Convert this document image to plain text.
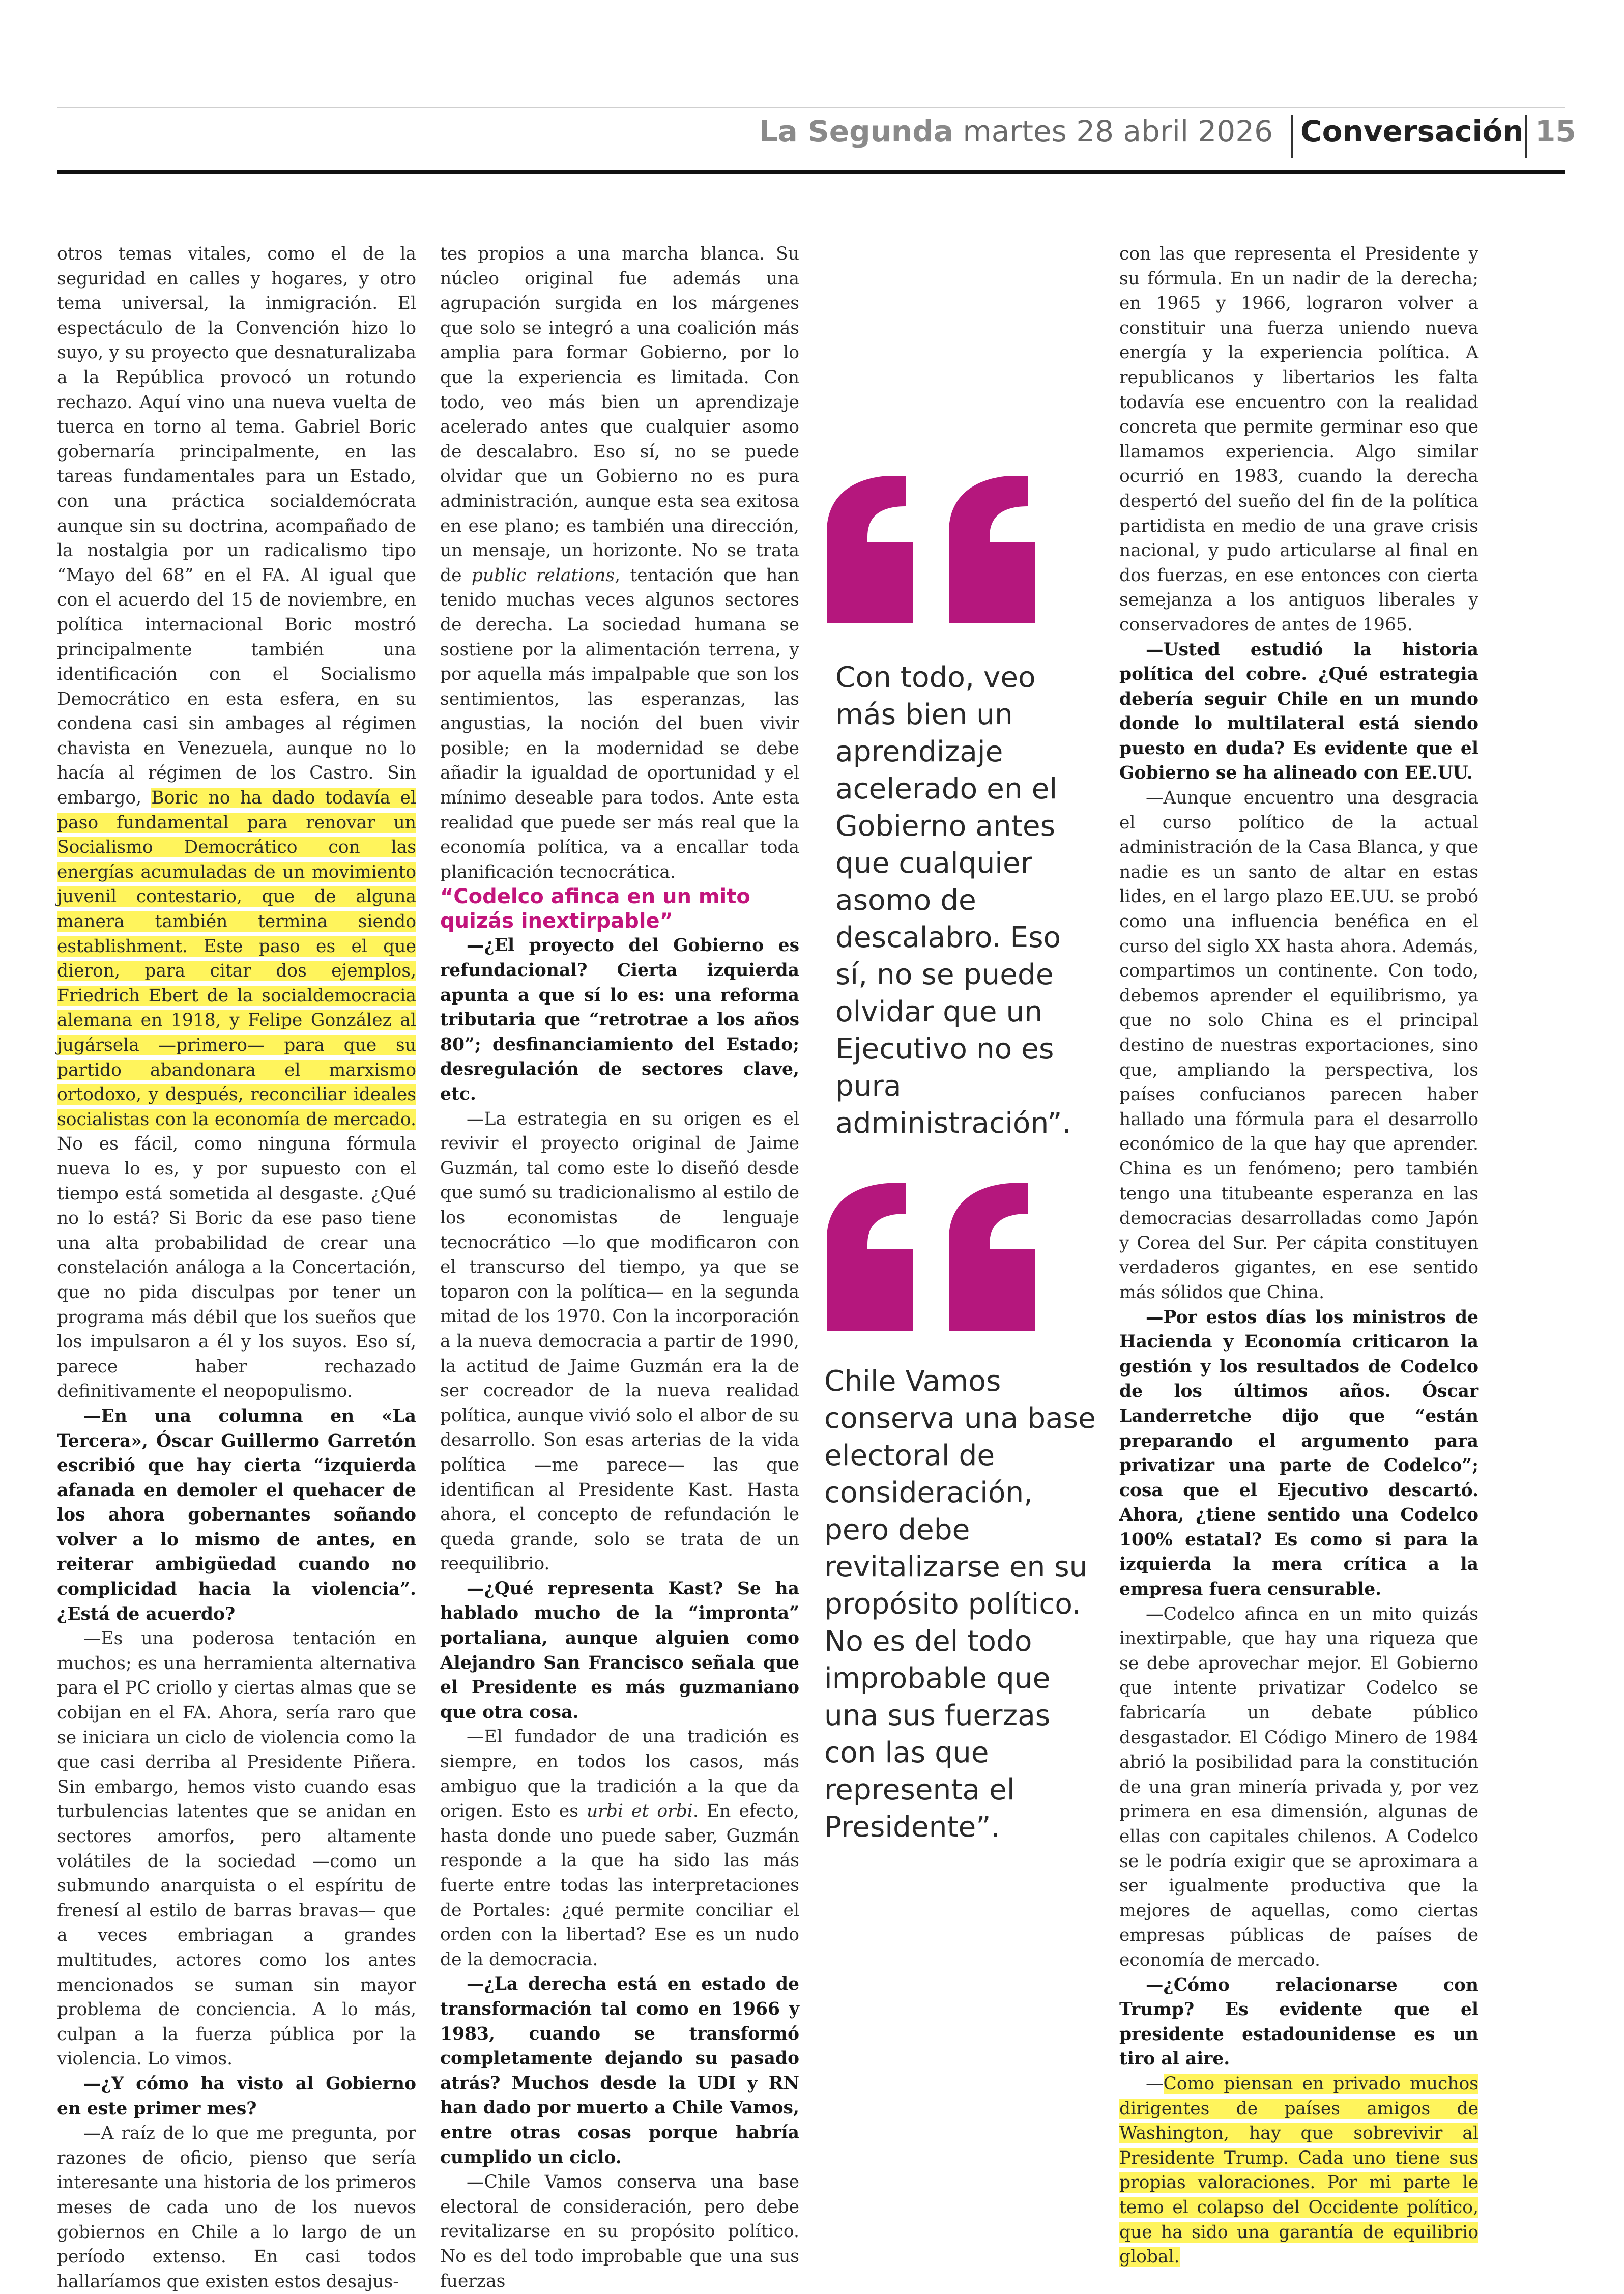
La Segunda martes 28 abril 2026 Conversación 15

otros temas vitales, como el de la seguridad en calles y hogares, y otro tema universal, la inmigración. El espectáculo de la Convención hizo lo suyo, y su proyecto que desnaturalizaba a la República provocó un rotundo rechazo. Aquí vino una nueva vuelta de tuerca en torno al tema. Gabriel Boric gobernaría principalmente, en las tareas fundamentales para un Estado, con una práctica socialdemócrata aunque sin su doctrina, acompañado de la nostalgia por un radicalismo tipo “Mayo del 68” en el FA. Al igual que con el acuerdo del 15 de noviembre, en política internacional Boric mostró principalmente también una identificación con el Socialismo Democrático en esta esfera, en su condena casi sin ambages al régimen chavista en Venezuela, aunque no lo hacía al régimen de los Castro. Sin embargo, Boric no ha dado todavía el paso fundamental para renovar un Socialismo Democrático con las energías acumuladas de un movimiento juvenil contestario, que de alguna manera también termina siendo establishment. Este paso es el que dieron, para citar dos ejemplos, Friedrich Ebert de la socialdemocracia alemana en 1918, y Felipe González al jugársela —primero— para que su partido abandonara el marxismo ortodoxo, y después, reconciliar ideales socialistas con la economía de mercado. No es fácil, como ninguna fórmula nueva lo es, y por supuesto con el tiempo está sometida al desgaste. ¿Qué no lo está? Si Boric da ese paso tiene una alta probabilidad de crear una constelación análoga a la Concertación, que no pida disculpas por tener un programa más débil que los sueños que los impulsaron a él y los suyos. Eso sí, parece haber rechazado definitivamente el neopopulismo.

—En una columna en «La Tercera», Óscar Guillermo Garretón escribió que hay cierta “izquierda afanada en demoler el quehacer de los ahora gobernantes soñando volver a lo mismo de antes, en reiterar ambigüedad cuando no complicidad hacia la violencia”. ¿Está de acuerdo?

—Es una poderosa tentación en muchos; es una herramienta alternativa para el PC criollo y ciertas almas que se cobijan en el FA. Ahora, sería raro que se iniciara un ciclo de violencia como la que casi derriba al Presidente Piñera. Sin embargo, hemos visto cuando esas turbulencias latentes que se anidan en sectores amorfos, pero altamente volátiles de la sociedad —como un submundo anarquista o el espíritu de frenesí al estilo de barras bravas— que a veces embriagan a grandes multitudes, actores como los antes mencionados se suman sin mayor problema de conciencia. A lo más, culpan a la fuerza pública por la violencia. Lo vimos.

—¿Y cómo ha visto al Gobierno en este primer mes?

—A raíz de lo que me pregunta, por razones de oficio, pienso que sería interesante una historia de los primeros meses de cada uno de los nuevos gobiernos en Chile a lo largo de un período extenso. En casi todos hallaríamos que existen estos desajus-

tes propios a una marcha blanca. Su núcleo original fue además una agrupación surgida en los márgenes que solo se integró a una coalición más amplia para formar Gobierno, por lo que la experiencia es limitada. Con todo, veo más bien un aprendizaje acelerado antes que cualquier asomo de descalabro. Eso sí, no se puede olvidar que un Gobierno no es pura administración, aunque esta sea exitosa en ese plano; es también una dirección, un mensaje, un horizonte. No se trata de public relations, tentación que han tenido muchas veces algunos sectores de derecha. La sociedad humana se sostiene por la alimentación terrena, y por aquella más impalpable que son los sentimientos, las esperanzas, las angustias, la noción del buen vivir posible; en la modernidad se debe añadir la igualdad de oportunidad y el mínimo deseable para todos. Ante esta realidad que puede ser más real que la economía política, va a encallar toda planificación tecnocrática.

“Codelco afinca en un mito quizás inextirpable”

—¿El proyecto del Gobierno es refundacional? Cierta izquierda apunta a que sí lo es: una reforma tributaria que “retrotrae a los años 80”; desfinanciamiento del Estado; desregulación de sectores clave, etc.

—La estrategia en su origen es el revivir el proyecto original de Jaime Guzmán, tal como este lo diseñó desde que sumó su tradicionalismo al estilo de los economistas de lenguaje tecnocrático —lo que modificaron con el transcurso del tiempo, ya que se toparon con la política— en la segunda mitad de los 1970. Con la incorporación a la nueva democracia a partir de 1990, la actitud de Jaime Guzmán era la de ser cocreador de la nueva realidad política, aunque vivió solo el albor de su desarrollo. Son esas arterias de la vida política —me parece— las que identifican al Presidente Kast. Hasta ahora, el concepto de refundación le queda grande, solo se trata de un reequilibrio.

—¿Qué representa Kast? Se ha hablado mucho de la “impronta” portaliana, aunque alguien como Alejandro San Francisco señala que el Presidente es más guzmaniano que otra cosa.

—El fundador de una tradición es siempre, en todos los casos, más ambiguo que la tradición a la que da origen. Esto es urbi et orbi. En efecto, hasta donde uno puede saber, Guzmán responde a la que ha sido las más fuerte entre todas las interpretaciones de Portales: ¿qué permite conciliar el orden con la libertad? Ese es un nudo de la democracia.

—¿La derecha está en estado de transformación tal como en 1966 y 1983, cuando se transformó completamente dejando su pasado atrás? Muchos desde la UDI y RN han dado por muerto a Chile Vamos, entre otras cosas porque habría cumplido un ciclo.

—Chile Vamos conserva una base electoral de consideración, pero debe revitalizarse en su propósito político. No es del todo improbable que una sus fuerzas

Con todo, veo más bien un aprendizaje acelerado en el Gobierno antes que cualquier asomo de descalabro. Eso sí, no se puede olvidar que un Ejecutivo no es pura administración”.
Chile Vamos conserva una base electoral de consideración, pero debe revitalizarse en su propósito político. No es del todo improbable que una sus fuerzas con las que representa el Presidente”.

con las que representa el Presidente y su fórmula. En un nadir de la derecha; en 1965 y 1966, lograron volver a constituir una fuerza uniendo nueva energía y la experiencia política. A republicanos y libertarios les falta todavía ese encuentro con la realidad concreta que permite germinar eso que llamamos experiencia. Algo similar ocurrió en 1983, cuando la derecha despertó del sueño del fin de la política partidista en medio de una grave crisis nacional, y pudo articularse al final en dos fuerzas, en ese entonces con cierta semejanza a los antiguos liberales y conservadores de antes de 1965.

—Usted estudió la historia política del cobre. ¿Qué estrategia debería seguir Chile en un mundo donde lo multilateral está siendo puesto en duda? Es evidente que el Gobierno se ha alineado con EE.UU.

—Aunque encuentro una desgracia el curso político de la actual administración de la Casa Blanca, y que nadie es un santo de altar en estas lides, en el largo plazo EE.UU. se probó como una influencia benéfica en el curso del siglo XX hasta ahora. Además, compartimos un continente. Con todo, debemos aprender el equilibrismo, ya que no solo China es el principal destino de nuestras exportaciones, sino que, ampliando la perspectiva, los países confucianos parecen haber hallado una fórmula para el desarrollo económico de la que hay que aprender. China es un fenómeno; pero también tengo una titubeante esperanza en las democracias desarrolladas como Japón y Corea del Sur. Per cápita constituyen verdaderos gigantes, en ese sentido más sólidos que China.

—Por estos días los ministros de Hacienda y Economía criticaron la gestión y los resultados de Codelco de los últimos años. Óscar Landerretche dijo que “están preparando el argumento para privatizar una parte de Codelco”; cosa que el Ejecutivo descartó. Ahora, ¿tiene sentido una Codelco 100% estatal? Es como si para la izquierda la mera crítica a la empresa fuera censurable.

—Codelco afinca en un mito quizás inextirpable, que hay una riqueza que se debe aprovechar mejor. El Gobierno que intente privatizar Codelco se fabricaría un debate público desgastador. El Código Minero de 1984 abrió la posibilidad para la constitución de una gran minería privada y, por vez primera en esa dimensión, algunas de ellas con capitales chilenos. A Codelco se le podría exigir que se aproximara a ser igualmente productiva que la mejores de aquellas, como ciertas empresas públicas de países de economía de mercado.

—¿Cómo relacionarse con Trump? Es evidente que el presidente estadounidense es un tiro al aire.

—Como piensan en privado muchos dirigentes de países amigos de Washington, hay que sobrevivir al Presidente Trump. Cada uno tiene sus propias valoraciones. Por mi parte le temo el colapso del Occidente político, que ha sido una garantía de equilibrio global.
